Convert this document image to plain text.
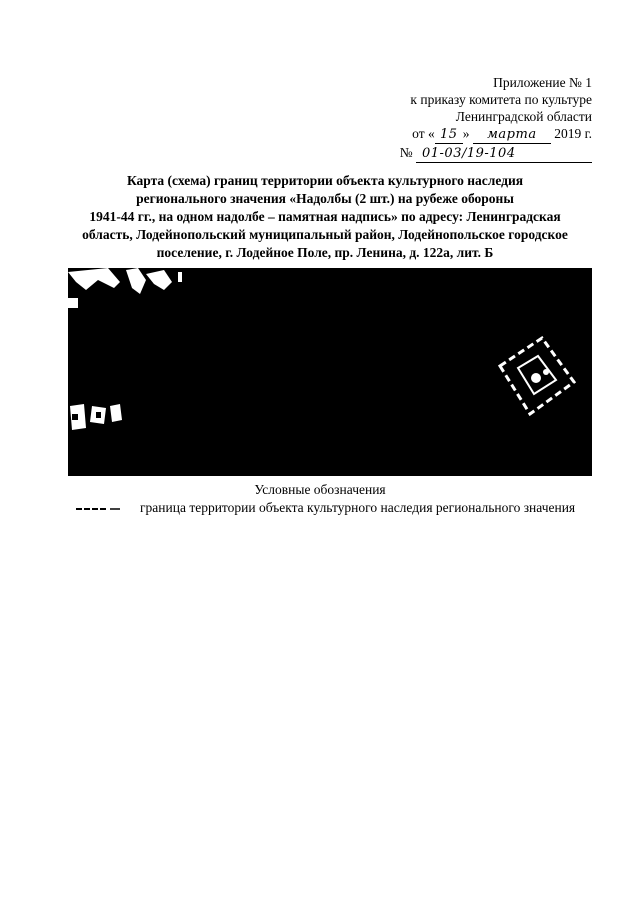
Приложение № 1
к приказу комитета по культуре
Ленинградской области
от « 15 » марта 2019 г.
№ 01-03/19-104
Карта (схема) границ территории объекта культурного наследия
регионального значения «Надолбы (2 шт.) на рубеже обороны
1941-44 гг., на одном надолбе – памятная надпись» по адресу: Ленинградская
область, Лодейнопольский муниципальный район, Лодейнопольское городское
поселение, г. Лодейное Поле, пр. Ленина, д. 122а, лит. Б
Условные обозначения
граница территории объекта культурного наследия регионального значения
